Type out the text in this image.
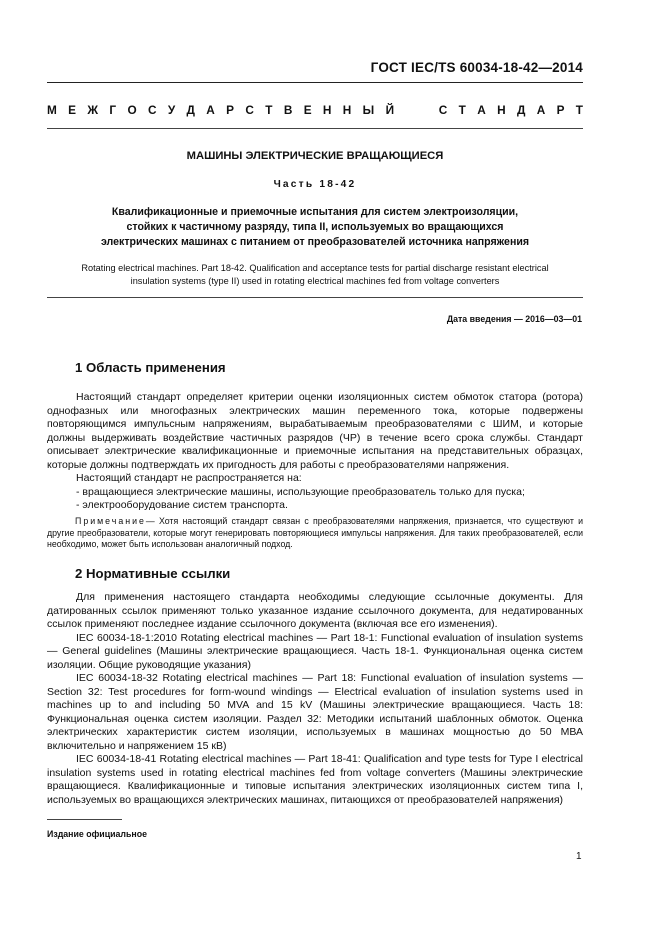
ГОСТ IEC/TS 60034-18-42—2014
М Е Ж Г О С У Д А Р С Т В Е Н Н Ы Й	С Т А Н Д А Р Т
МАШИНЫ ЭЛЕКТРИЧЕСКИЕ ВРАЩАЮЩИЕСЯ
Часть 18-42
Квалификационные и приемочные испытания для систем электроизоляции,
стойких к частичному разряду, типа II, используемых во вращающихся
электрических машинах с питанием от преобразователей источника напряжения
Rotating electrical machines. Part 18-42. Qualification and acceptance tests for partial discharge resistant electrical
insulation systems (type II) used in rotating electrical machines fed from voltage converters
Дата введения — 2016—03—01
1 Область применения

Настоящий стандарт определяет критерии оценки изоляционных систем обмоток статора (ротора) однофазных или многофазных электрических машин переменного тока, которые подвержены повторяющимся импульсным напряжениям, вырабатываемым преобразователями с ШИМ, и которые должны выдерживать воздействие частичных разрядов (ЧР) в течение всего срока службы. Стандарт описывает электрические квалификационные и приемочные испытания на представительных образцах, которые должны подтверждать их пригодность для работы с преобразователями напряжения.

Настоящий стандарт не распространяется на:

- вращающиеся электрические машины, использующие преобразователь только для пуска;

- электрооборудование систем транспорта.

Примечание— Хотя настоящий стандарт связан с преобразователями напряжения, признается, что существуют и другие преобразователи, которые могут генерировать повторяющиеся импульсы напряжения. Для таких преобразователей, если необходимо, может быть использован аналогичный подход.

2 Нормативные ссылки

Для применения настоящего стандарта необходимы следующие ссылочные документы. Для датированных ссылок применяют только указанное издание ссылочного документа, для недатированных ссылок применяют последнее издание ссылочного документа (включая все его изменения).

IEC 60034-18-1:2010 Rotating electrical machines — Part 18-1: Functional evaluation of insulation systems — General guidelines (Машины электрические вращающиеся. Часть 18-1. Функциональная оценка систем изоляции. Общие руководящие указания)

IEC 60034-18-32 Rotating electrical machines — Part 18: Functional evaluation of insulation systems — Section 32: Test procedures for form-wound windings — Electrical evaluation of insulation systems used in machines up to and including 50 MVA and 15 kV (Машины электрические вращающиеся. Часть 18: Функциональная оценка систем изоляции. Раздел 32: Методики испытаний шаблонных обмоток. Оценка электрических характеристик систем изоляции, используемых в машинах мощностью до 50 МВА включительно и напряжением 15 кВ)

IEC 60034-18-41 Rotating electrical machines — Part 18-41: Qualification and type tests for Type I electrical insulation systems used in rotating electrical machines fed from voltage converters (Машины электрические вращающиеся. Квалификационные и типовые испытания электрических изоляционных систем типа I, используемых во вращающихся электрических машинах, питающихся от преобразователей напряжения)

Издание официальное
1
